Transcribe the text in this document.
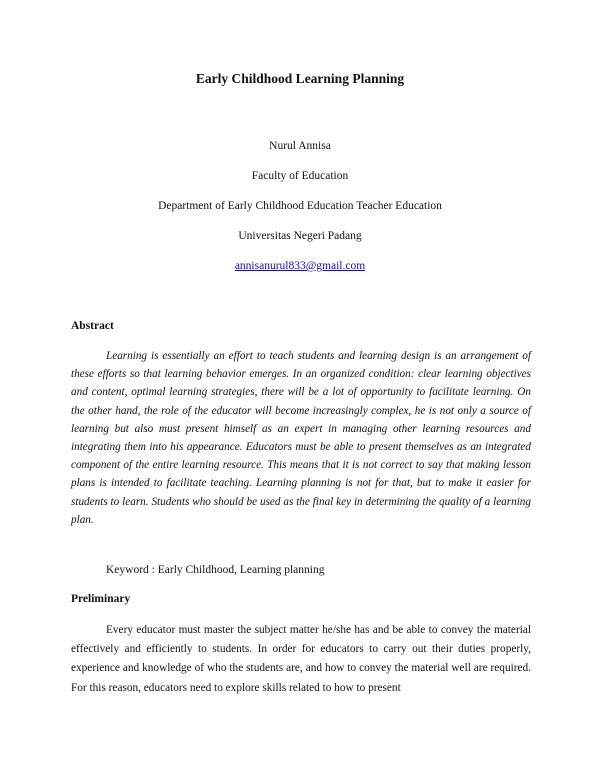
Early Childhood Learning Planning
Nurul Annisa
Faculty of Education
Department of Early Childhood Education Teacher Education
Universitas Negeri Padang
annisanurul833@gmail.com
Abstract

Learning is essentially an effort to teach students and learning design is an arrangement of these efforts so that learning behavior emerges. In an organized condition: clear learning objectives and content, optimal learning strategies, there will be a lot of opportunity to facilitate learning. On the other hand, the role of the educator will become increasingly complex, he is not only a source of learning but also must present himself as an expert in managing other learning resources and integrating them into his appearance. Educators must be able to present themselves as an integrated component of the entire learning resource. This means that it is not correct to say that making lesson plans is intended to facilitate teaching. Learning planning is not for that, but to make it easier for students to learn. Students who should be used as the final key in determining the quality of a learning plan.

Keyword : Early Childhood, Learning planning
Preliminary

Every educator must master the subject matter he/she has and be able to convey the material effectively and efficiently to students. In order for educators to carry out their duties properly, experience and knowledge of who the students are, and how to convey the material well are required. For this reason, educators need to explore skills related to how to present
